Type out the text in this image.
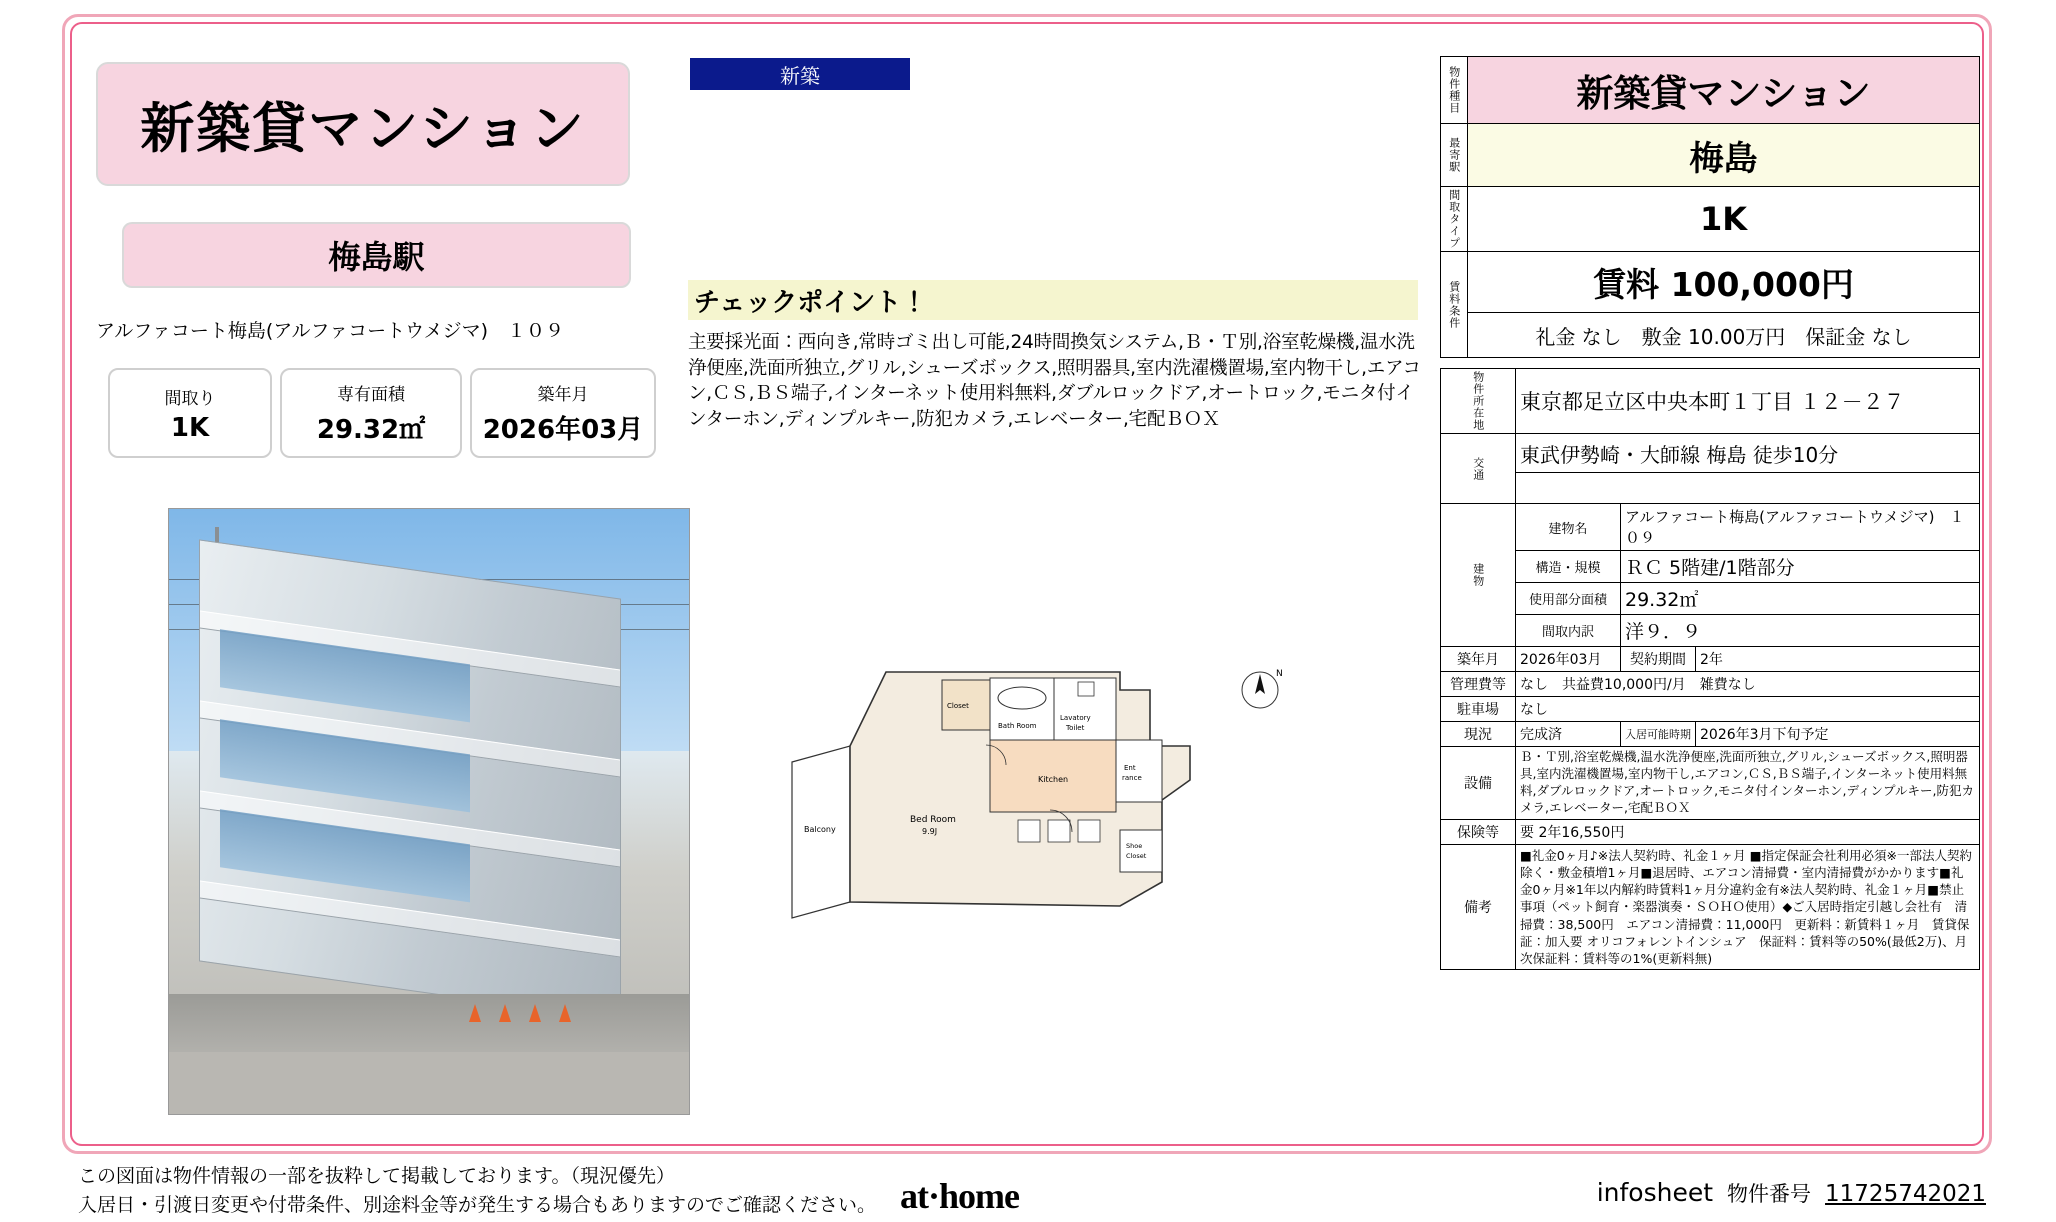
新築貸マンション
梅島駅
アルファコート梅島(アルファコートウメジマ)　１０９
間取り
1K
専有面積
29.32㎡
築年月
2026年03月
新築
チェックポイント！
主要採光面：西向き,常時ゴミ出し可能,24時間換気システム,Ｂ・Ｔ別,浴室乾燥機,温水洗浄便座,洗面所独立,グリル,シューズボックス,照明器具,室内洗濯機置場,室内物干し,エアコン,ＣＳ,ＢＳ端子,インターネット使用料無料,ダブルロックドア,オートロック,モニタ付インターホン,ディンプルキー,防犯カメラ,エレベーター,宅配ＢＯＸ
Balcony
Bed Room
9.9J
Closet
Bath Room
Lavatory
Toilet
Kitchen
Ent
rance
Shoe
Closet
N
物件種目	新築貸マンション
最寄駅	梅島
間取タイプ	1K
賃料条件	賃料 100,000円
	礼金 なし　敷金 10.00万円　保証金 なし
物件所在地	東京都足立区中央本町１丁目 １２－２７		
交通	東武伊勢崎・大師線 梅島 徒歩10分		

建物	建物名	アルファコート梅島(アルファコートウメジマ)　１０９	
	構造・規模	ＲＣ 5階建/1階部分	
	使用部分面積	29.32㎡	
	間取内訳	洋９．９	
築年月	2026年03月	契約期間	2年
管理費等	なし　共益費10,000円/月　雑費なし		
駐車場	なし		
現況	完成済	入居可能時期	2026年3月下旬予定
設備	Ｂ・Ｔ別,浴室乾燥機,温水洗浄便座,洗面所独立,グリル,シューズボックス,照明器具,室内洗濯機置場,室内物干し,エアコン,ＣＳ,ＢＳ端子,インターネット使用料無料,ダブルロックドア,オートロック,モニタ付インターホン,ディンプルキー,防犯カメラ,エレベーター,宅配ＢＯＸ		
保険等	要 2年16,550円		
備考	■礼金0ヶ月♪※法人契約時、礼金１ヶ月 ■指定保証会社利用必須※一部法人契約除く・敷金積増1ヶ月■退居時、エアコン清掃費・室内清掃費がかかります■礼金0ヶ月※1年以内解約時賃料1ヶ月分違約金有※法人契約時、礼金１ヶ月■禁止事項（ペット飼育・楽器演奏・ＳＯＨＯ使用）◆ご入居時指定引越し会社有　清掃費：38,500円　エアコン清掃費：11,000円　更新料：新賃料１ヶ月　賃貸保証：加入要 オリコフォレントインシュア　保証料：賃料等の50%(最低2万)、月次保証料：賃料等の1%(更新料無)		
この図面は物件情報の一部を抜粋して掲載しております。（現況優先）
入居日・引渡日変更や付帯条件、別途料金等が発生する場合もありますのでご確認ください。 at·home	infosheet 物件番号 11725742021
